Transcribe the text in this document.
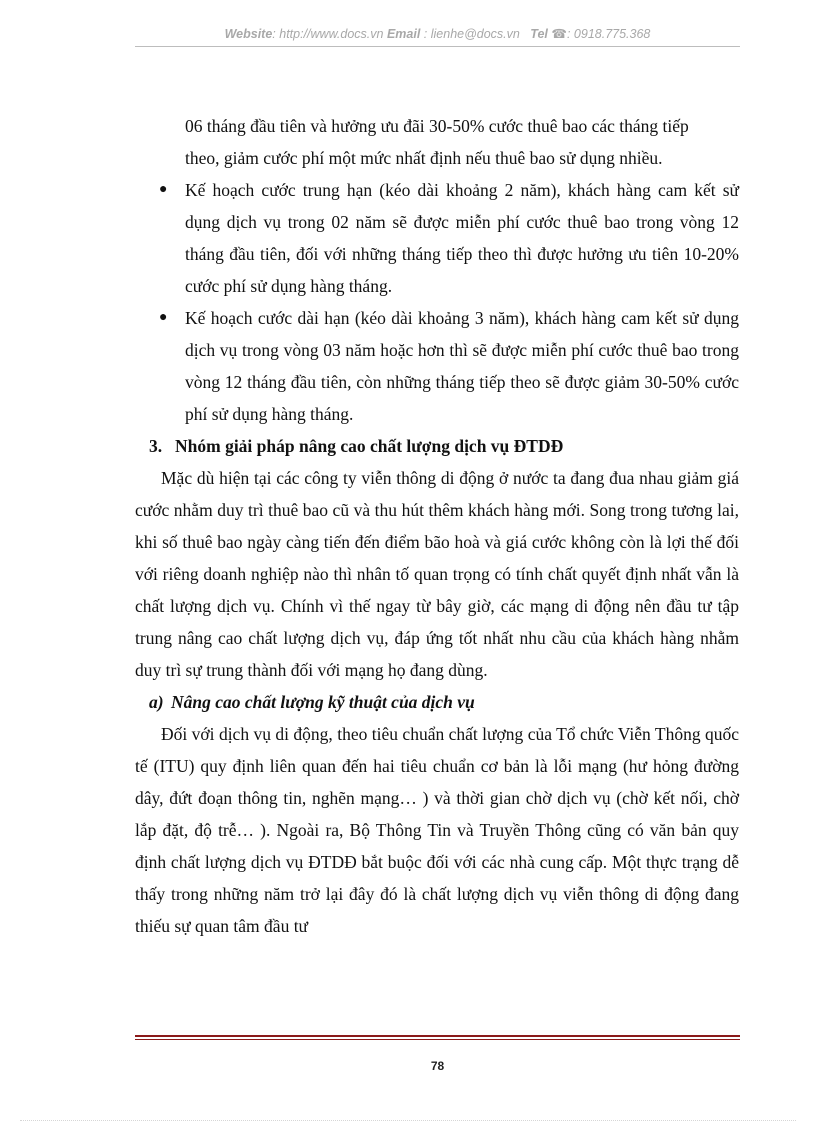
Website: http://www.docs.vn Email : lienhe@docs.vn Tel ☎: 0918.775.368

06 tháng đầu tiên và hưởng ưu đãi 30-50% cước thuê bao các tháng tiếp
theo, giảm cước phí một mức nhất định nếu thuê bao sử dụng nhiều.

● Kế hoạch cước trung hạn (kéo dài khoảng 2 năm), khách hàng cam kết sử dụng dịch vụ trong 02 năm sẽ được miễn phí cước thuê bao trong vòng 12 tháng đầu tiên, đối với những tháng tiếp theo thì được hưởng ưu tiên 10-20% cước phí sử dụng hàng tháng.

● Kế hoạch cước dài hạn (kéo dài khoảng 3 năm), khách hàng cam kết sử dụng dịch vụ trong vòng 03 năm hoặc hơn thì sẽ được miễn phí cước thuê bao trong vòng 12 tháng đầu tiên, còn những tháng tiếp theo sẽ được giảm 30-50% cước phí sử dụng hàng tháng.

3. Nhóm giải pháp nâng cao chất lượng dịch vụ ĐTDĐ

Mặc dù hiện tại các công ty viễn thông di động ở nước ta đang đua nhau giảm giá cước nhằm duy trì thuê bao cũ và thu hút thêm khách hàng mới. Song trong tương lai, khi số thuê bao ngày càng tiến đến điểm bão hoà và giá cước không còn là lợi thế đối với riêng doanh nghiệp nào thì nhân tố quan trọng có tính chất quyết định nhất vẫn là chất lượng dịch vụ. Chính vì thế ngay từ bây giờ, các mạng di động nên đầu tư tập trung nâng cao chất lượng dịch vụ, đáp ứng tốt nhất nhu cầu của khách hàng nhằm duy trì sự trung thành đối với mạng họ đang dùng.

a) Nâng cao chất lượng kỹ thuật của dịch vụ

Đối với dịch vụ di động, theo tiêu chuẩn chất lượng của Tổ chức Viễn Thông quốc tế (ITU) quy định liên quan đến hai tiêu chuẩn cơ bản là lỗi mạng (hư hỏng đường dây, đứt đoạn thông tin, nghẽn mạng… ) và thời gian chờ dịch vụ (chờ kết nối, chờ lắp đặt, độ trễ… ). Ngoài ra, Bộ Thông Tin và Truyền Thông cũng có văn bản quy định chất lượng dịch vụ ĐTDĐ bắt buộc đối với các nhà cung cấp. Một thực trạng dễ thấy trong những năm trở lại đây đó là chất lượng dịch vụ viễn thông di động đang thiếu sự quan tâm đầu tư

78
